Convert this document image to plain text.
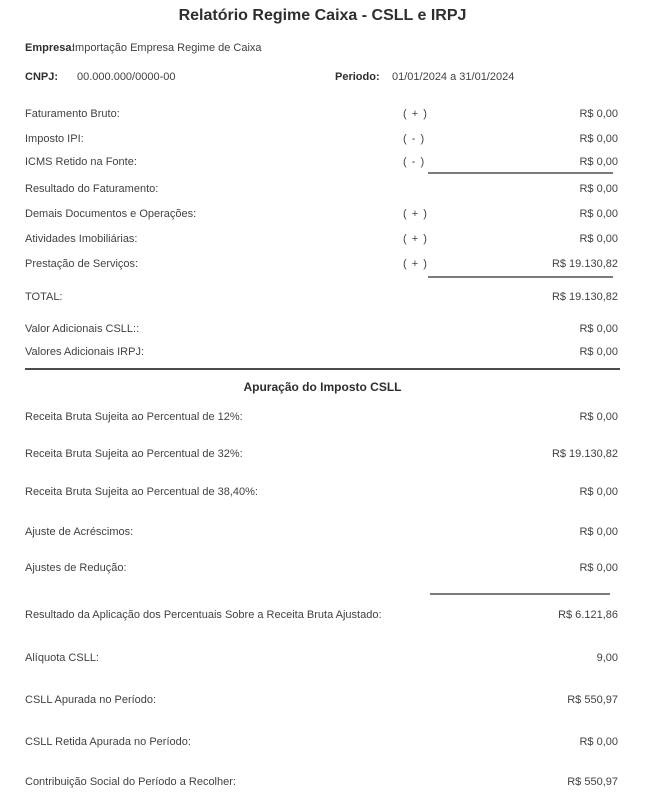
Relatório Regime Caixa - CSLL e IRPJ
Empresa:
Importação Empresa Regime de Caixa
CNPJ: 00.000.000/0000-00	Periodo: 01/01/2024 a 31/01/2024
Faturamento Bruto:	( + )	R$ 0,00
Imposto IPI:	( - )	R$ 0,00
ICMS Retido na Fonte:	( - )	R$ 0,00
Resultado do Faturamento:	R$ 0,00
Demais Documentos e Operações:	( + )	R$ 0,00
Atividades Imobiliárias:	( + )	R$ 0,00
Prestação de Serviços:	( + )	R$ 19.130,82
TOTAL:	R$ 19.130,82
Valor Adicionais CSLL::	R$ 0,00
Valores Adicionais IRPJ:	R$ 0,00
Apuração do Imposto CSLL
Receita Bruta Sujeita ao Percentual de 12%:	R$ 0,00
Receita Bruta Sujeita ao Percentual de 32%:	R$ 19.130,82
Receita Bruta Sujeita ao Percentual de 38,40%:	R$ 0,00
Ajuste de Acréscimos:	R$ 0,00
Ajustes de Redução:	R$ 0,00
Resultado da Aplicação dos Percentuais Sobre a Receita Bruta Ajustado:	R$ 6.121,86
Alíquota CSLL:	9,00
CSLL Apurada no Período:	R$ 550,97
CSLL Retida Apurada no Período:	R$ 0,00
Contribuição Social do Período a Recolher:	R$ 550,97
